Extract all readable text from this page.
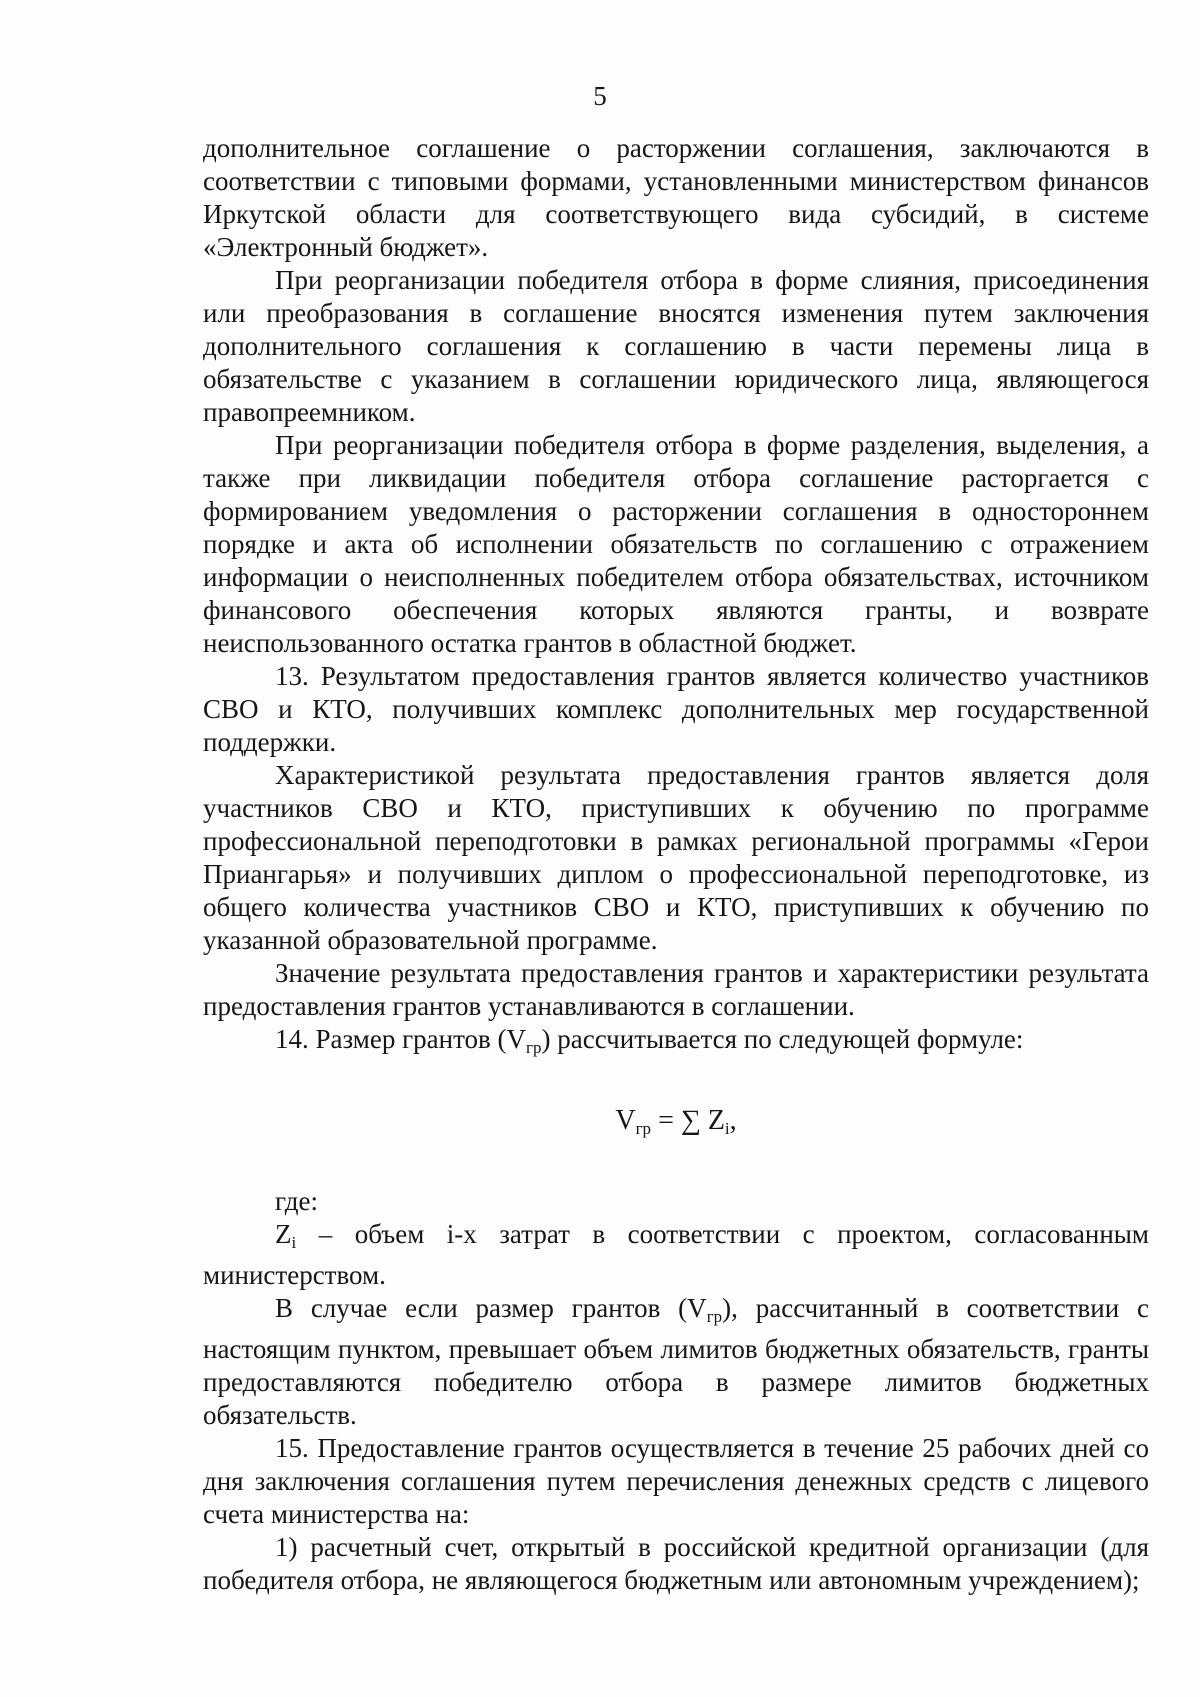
5

дополнительное соглашение о расторжении соглашения, заключаются в соответствии с типовыми формами, установленными министерством финансов Иркутской области для соответствующего вида субсидий, в системе «Электронный бюджет».

При реорганизации победителя отбора в форме слияния, присоединения или преобразования в соглашение вносятся изменения путем заключения дополнительного соглашения к соглашению в части перемены лица в обязательстве с указанием в соглашении юридического лица, являющегося правопреемником.

При реорганизации победителя отбора в форме разделения, выделения, а также при ликвидации победителя отбора соглашение расторгается с формированием уведомления о расторжении соглашения в одностороннем порядке и акта об исполнении обязательств по соглашению с отражением информации о неисполненных победителем отбора обязательствах, источником финансового обеспечения которых являются гранты, и возврате неиспользованного остатка грантов в областной бюджет.

13. Результатом предоставления грантов является количество участников СВО и КТО, получивших комплекс дополнительных мер государственной поддержки.

Характеристикой результата предоставления грантов является доля участников СВО и КТО, приступивших к обучению по программе профессиональной переподготовки в рамках региональной программы «Герои Приангарья» и получивших диплом о профессиональной переподготовке, из общего количества участников СВО и КТО, приступивших к обучению по указанной образовательной программе.

Значение результата предоставления грантов и характеристики результата предоставления грантов устанавливаются в соглашении.

14. Размер грантов $(V_{гр})$ рассчитывается по следующей формуле:

$V_{гр}$ = ∑ $Z_i$,

где:

$Z_i$ – объем i-х затрат в соответствии с проектом, согласованным министерством.

В случае если размер грантов $(V_{гр})$, рассчитанный в соответствии с настоящим пунктом, превышает объем лимитов бюджетных обязательств, гранты предоставляются победителю отбора в размере лимитов бюджетных обязательств.

15. Предоставление грантов осуществляется в течение 25 рабочих дней со дня заключения соглашения путем перечисления денежных средств с лицевого счета министерства на:

1) расчетный счет, открытый в российской кредитной организации (для победителя отбора, не являющегося бюджетным или автономным учреждением);
